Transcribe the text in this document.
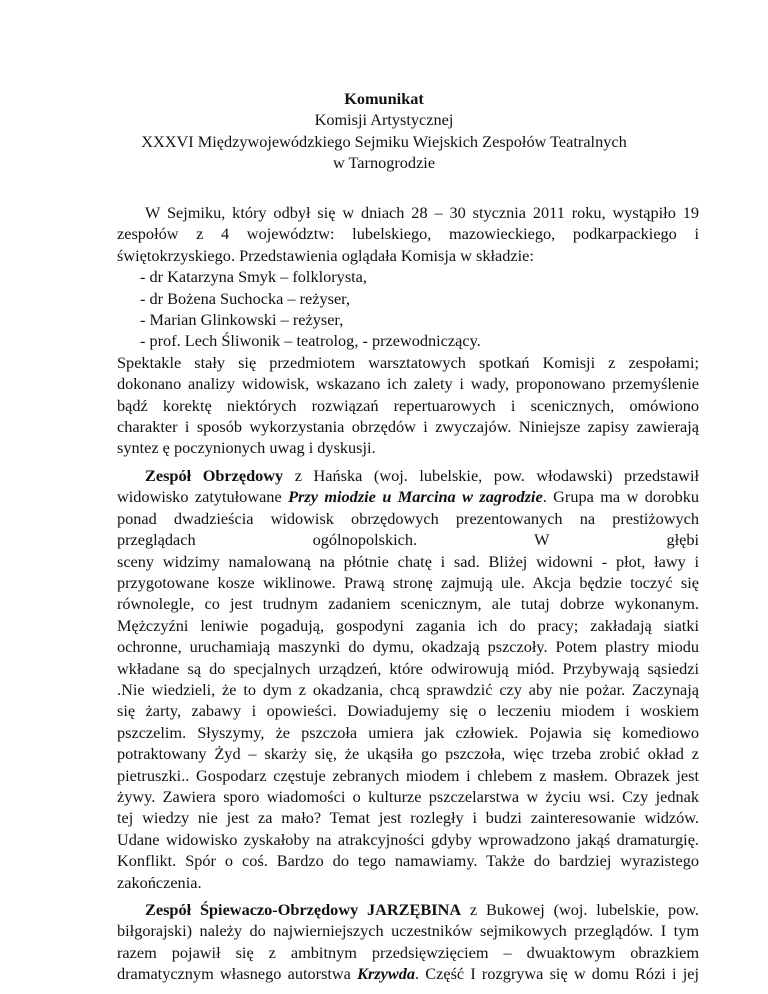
Komunikat
Komisji Artystycznej
XXXVI Międzywojewódzkiego Sejmiku Wiejskich Zespołów Teatralnych
w Tarnogrodzie
W Sejmiku, który odbył się w dniach 28 – 30 stycznia 2011 roku, wystąpiło 19
zespołów z 4 województw: lubelskiego, mazowieckiego, podkarpackiego i
świętokrzyskiego. Przedstawienia oglądała Komisja w składzie:
- dr Katarzyna Smyk – folklorysta,
- dr Bożena Suchocka – reżyser,
- Marian Glinkowski – reżyser,
- prof. Lech Śliwonik – teatrolog, - przewodniczący.
Spektakle stały się przedmiotem warsztatowych spotkań Komisji z zespołami;
dokonano analizy widowisk, wskazano ich zalety i wady, proponowano przemyślenie
bądź korektę niektórych rozwiązań repertuarowych i scenicznych, omówiono
charakter i sposób wykorzystania obrzędów i zwyczajów. Niniejsze zapisy zawierają
syntez ę poczynionych uwag i dyskusji.
Zespół Obrzędowy z Hańska (woj. lubelskie, pow. włodawski) przedstawił
widowisko zatytułowane Przy miodzie u Marcina w zagrodzie. Grupa ma w dorobku
ponad dwadzieścia widowisk obrzędowych prezentowanych na prestiżowych
przeglądach	ogólnopolskich.	W	głębi
sceny widzimy namalowaną na płótnie chatę i sad. Bliżej widowni - płot, ławy i
przygotowane kosze wiklinowe. Prawą stronę zajmują ule. Akcja będzie toczyć się
równolegle, co jest trudnym zadaniem scenicznym, ale tutaj dobrze wykonanym.
Mężczyźni leniwie pogadują, gospodyni zagania ich do pracy; zakładają siatki
ochronne, uruchamiają maszynki do dymu, okadzają pszczoły. Potem plastry miodu
wkładane są do specjalnych urządzeń, które odwirowują miód. Przybywają sąsiedzi
.Nie wiedzieli, że to dym z okadzania, chcą sprawdzić czy aby nie pożar. Zaczynają
się żarty, zabawy i opowieści. Dowiadujemy się o leczeniu miodem i woskiem
pszczelim. Słyszymy, że pszczoła umiera jak człowiek. Pojawia się komediowo
potraktowany Żyd – skarży się, że ukąsiła go pszczoła, więc trzeba zrobić okład z
pietruszki.. Gospodarz częstuje zebranych miodem i chlebem z masłem. Obrazek jest
żywy. Zawiera sporo wiadomości o kulturze pszczelarstwa w życiu wsi. Czy jednak
tej wiedzy nie jest za mało? Temat jest rozległy i budzi zainteresowanie widzów.
Udane widowisko zyskałoby na atrakcyjności gdyby wprowadzono jakąś dramaturgię.
Konflikt. Spór o coś. Bardzo do tego namawiamy. Także do bardziej wyrazistego
zakończenia.
Zespół Śpiewaczo-Obrzędowy JARZĘBINA z Bukowej (woj. lubelskie, pow.
biłgorajski) należy do najwierniejszych uczestników sejmikowych przeglądów. I tym
razem pojawił się z ambitnym przedsięwzięciem – dwuaktowym obrazkiem
dramatycznym własnego autorstwa Krzywda. Część I rozgrywa się w domu Rózi i jej
